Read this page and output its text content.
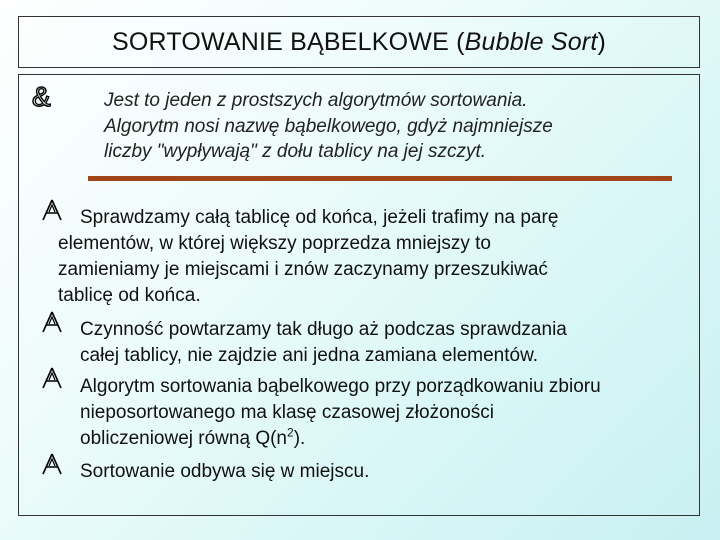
SORTOWANIE BĄBELKOWE (Bubble Sort)
&	Jest to jeden z prostszych algorytmów sortowania.
Algorytm nosi nazwę bąbelkowego, gdyż najmniejsze
liczby "wypływają" z dołu tablicy na jej szczyt.
Sprawdzamy całą tablicę od końca, jeżeli trafimy na parę
elementów, w której większy poprzedza mniejszy to
zamieniamy je miejscami i znów zaczynamy przeszukiwać
tablicę od końca.
Czynność powtarzamy tak długo aż podczas sprawdzania
całej tablicy, nie zajdzie ani jedna zamiana elementów.
Algorytm sortowania bąbelkowego przy porządkowaniu zbioru
nieposortowanego ma klasę czasowej złożoności
obliczeniowej równą $Q(n^2)$.
Sortowanie odbywa się w miejscu.
